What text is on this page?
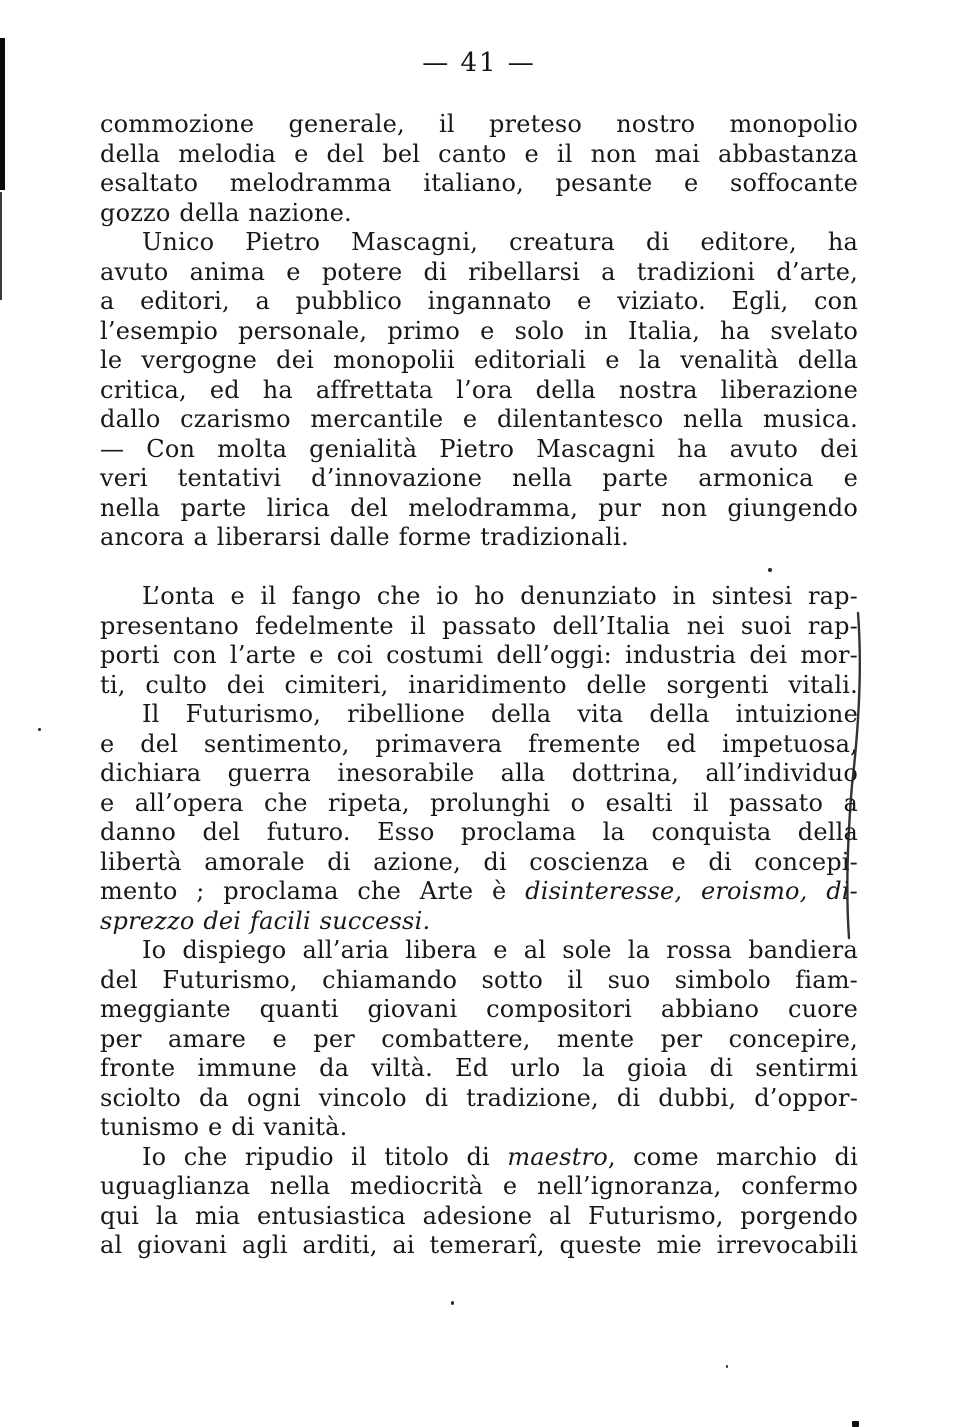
— 41 —
commozione generale, il preteso nostro monopolio
della melodia e del bel canto e il non mai abbastanza
esaltato melodramma italiano, pesante e soffocante
gozzo della nazione.
Unico Pietro Mascagni, creatura di editore, ha
avuto anima e potere di ribellarsi a tradizioni d’arte,
a editori, a pubblico ingannato e viziato. Egli, con
l’esempio personale, primo e solo in Italia, ha svelato
le vergogne dei monopolii editoriali e la venalità della
critica, ed ha affrettata l’ora della nostra liberazione
dallo czarismo mercantile e dilentantesco nella musica.
— Con molta genialità Pietro Mascagni ha avuto dei
veri tentativi d’innovazione nella parte armonica e
nella parte lirica del melodramma, pur non giungendo
ancora a liberarsi dalle forme tradizionali.
L’onta e il fango che io ho denunziato in sintesi rap-
presentano fedelmente il passato dell’Italia nei suoi rap-
porti con l’arte e coi costumi dell’oggi: industria dei mor-
ti, culto dei cimiteri, inaridimento delle sorgenti vitali.
Il Futurismo, ribellione della vita della intuizione
e del sentimento, primavera fremente ed impetuosa,
dichiara guerra inesorabile alla dottrina, all’individuo
e all’opera che ripeta, prolunghi o esalti il passato a
danno del futuro. Esso proclama la conquista della
libertà amorale di azione, di coscienza e di concepi-
mento ; proclama che Arte è disinteresse, eroismo, di-
sprezzo dei facili successi.
Io dispiego all’aria libera e al sole la rossa bandiera
del Futurismo, chiamando sotto il suo simbolo fiam-
meggiante quanti giovani compositori abbiano cuore
per amare e per combattere, mente per concepire,
fronte immune da viltà. Ed urlo la gioia di sentirmi
sciolto da ogni vincolo di tradizione, di dubbi, d’oppor-
tunismo e di vanità.
Io che ripudio il titolo di maestro, come marchio di
uguaglianza nella mediocrità e nell’ignoranza, confermo
qui la mia entusiastica adesione al Futurismo, porgendo
al giovani agli arditi, ai temerarî, queste mie irrevocabili
